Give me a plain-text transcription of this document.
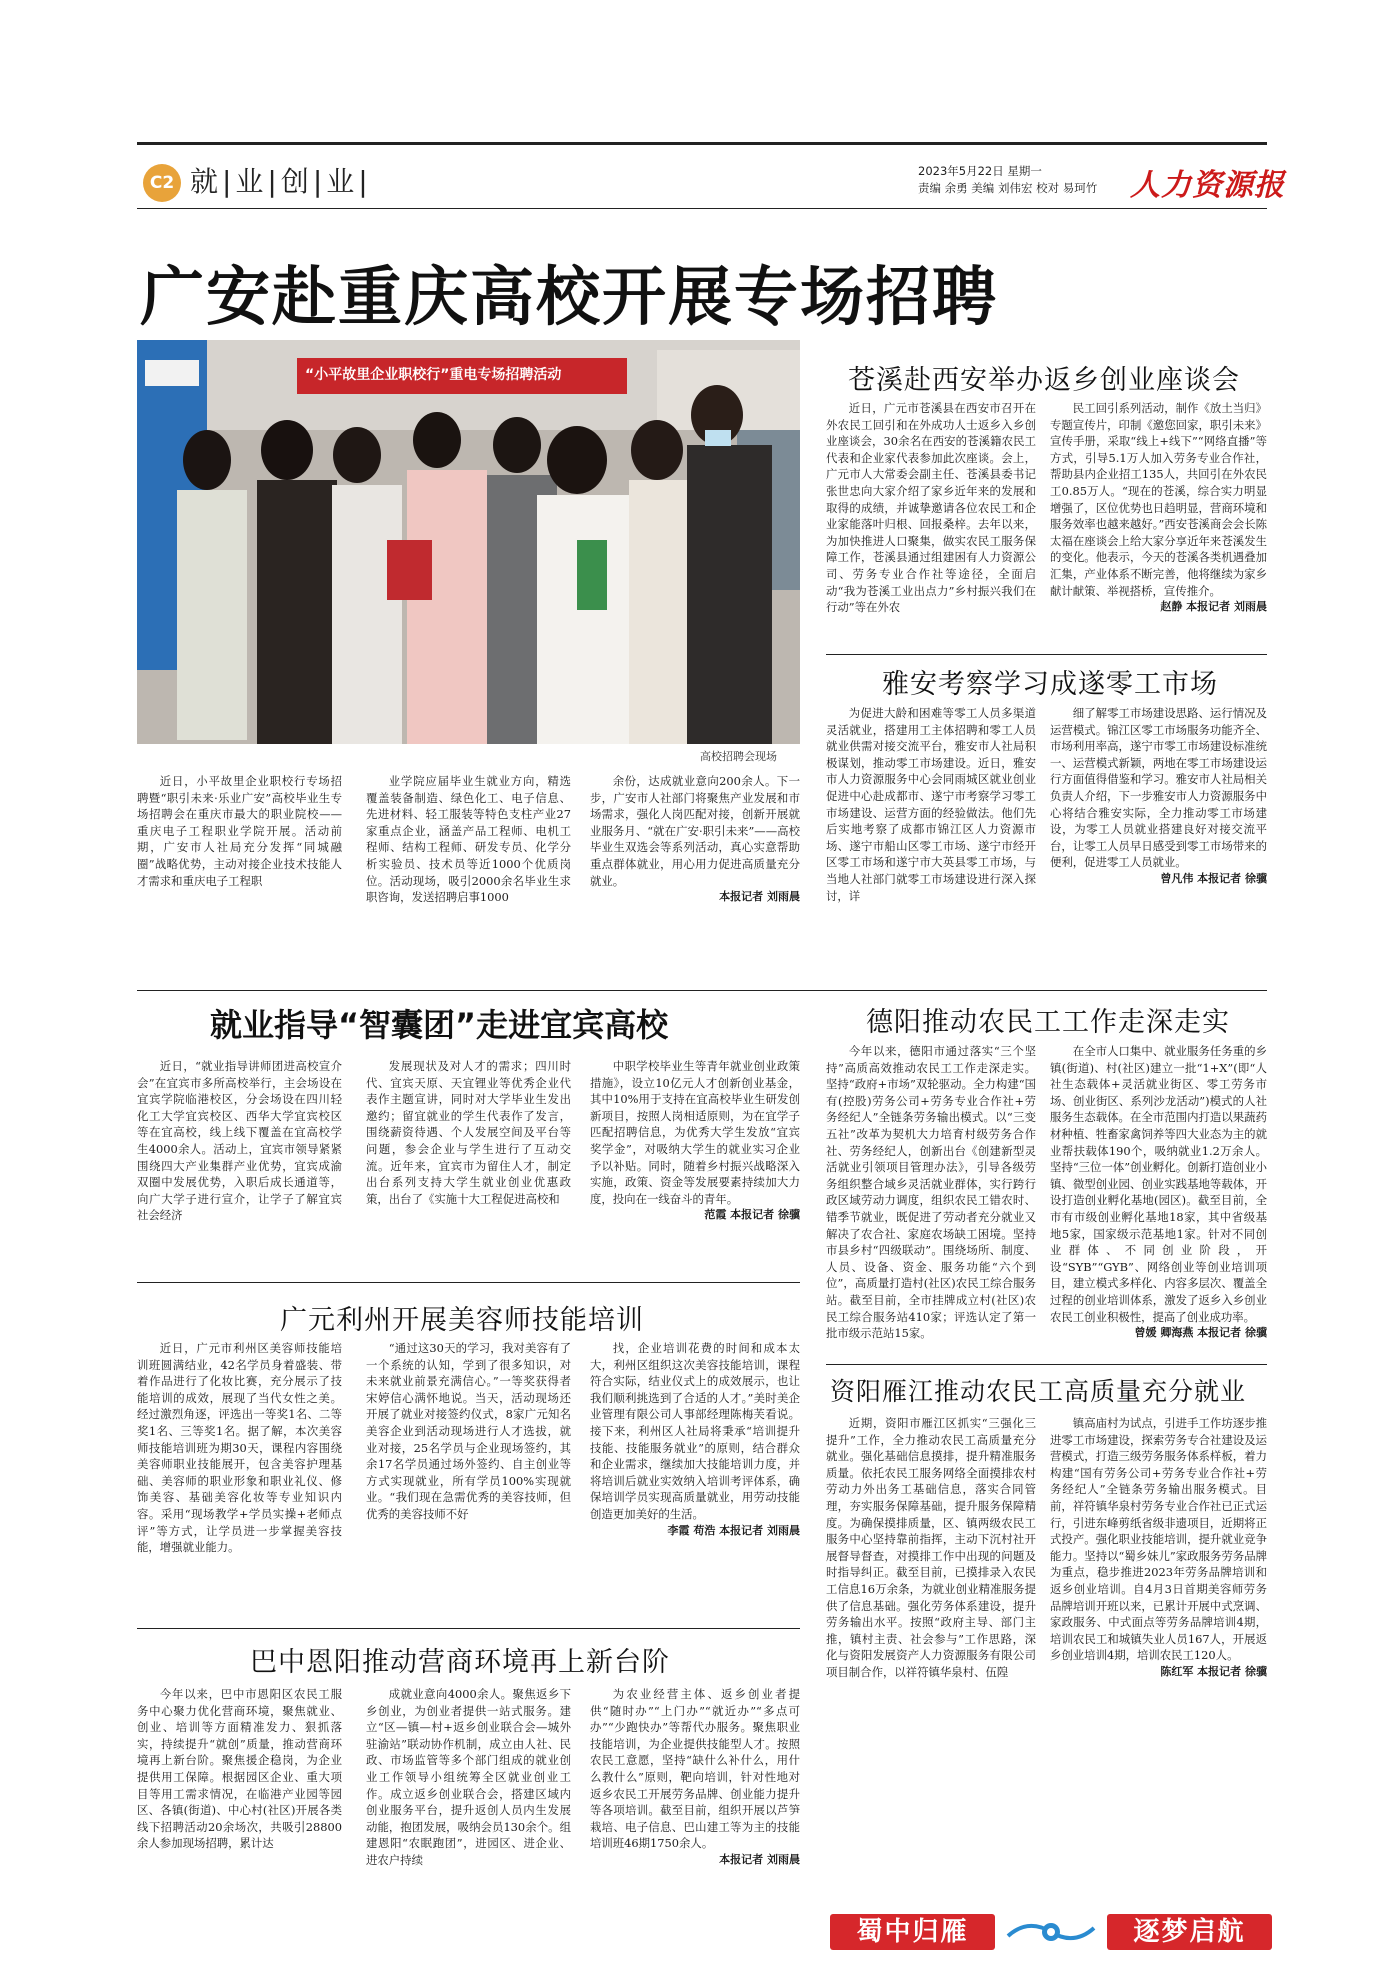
C2 就|业|创|业|	2023年5月22日 星期一
责编 余勇 美编 刘伟宏 校对 易珂竹 人力资源报
广安赴重庆高校开展专场招聘
“小平故里企业职校行”重电专场招聘活动
高校招聘会现场

近日，小平故里企业职校行专场招聘暨“职引未来·乐业广安”高校毕业生专场招聘会在重庆市最大的职业院校——重庆电子工程职业学院开展。活动前期，广安市人社局充分发挥“同城融圈”战略优势，主动对接企业技术技能人才需求和重庆电子工程职

业学院应届毕业生就业方向，精选覆盖装备制造、绿色化工、电子信息、先进材料、轻工服装等特色支柱产业27家重点企业，涵盖产品工程师、电机工程师、结构工程师、研发专员、化学分析实验员、技术员等近1000个优质岗位。活动现场，吸引2000余名毕业生求职咨询，发送招聘启事1000

余份，达成就业意向200余人。下一步，广安市人社部门将聚焦产业发展和市场需求，强化人岗匹配对接，创新开展就业服务月、“就在广安·职引未来”——高校毕业生双选会等系列活动，真心实意帮助重点群体就业，用心用力促进高质量充分就业。

本报记者 刘雨晨

苍溪赴西安举办返乡创业座谈会

近日，广元市苍溪县在西安市召开在外农民工回引和在外成功人士返乡入乡创业座谈会，30余名在西安的苍溪籍农民工代表和企业家代表参加此次座谈。会上，广元市人大常委会副主任、苍溪县委书记张世忠向大家介绍了家乡近年来的发展和取得的成绩，并诚挚邀请各位农民工和企业家能落叶归根、回报桑梓。去年以来，为加快推进人口聚集，做实农民工服务保障工作，苍溪县通过组建困有人力资源公司、劳务专业合作社等途径，全面启动“我为苍溪工业出点力”乡村振兴我们在行动”等在外农

民工回引系列活动，制作《放土当归》专题宣传片，印制《邀您回家，职引未来》宣传手册，采取“线上+线下”“网络直播”等方式，引导5.1万人加入劳务专业合作社，帮助县内企业招工135人，共回引在外农民工0.85万人。“现在的苍溪，综合实力明显增强了，区位优势也日趋明显，营商环境和服务效率也越来越好。”西安苍溪商会会长陈太福在座谈会上给大家分享近年来苍溪发生的变化。他表示，今天的苍溪各类机遇叠加汇集，产业体系不断完善，他将继续为家乡献计献策、举视搭桥，宣传推介。

赵静 本报记者 刘雨晨

雅安考察学习成遂零工市场

为促进大龄和困难等零工人员多渠道灵活就业，搭建用工主体招聘和零工人员就业供需对接交流平台，雅安市人社局积极谋划，推动零工市场建设。近日，雅安市人力资源服务中心会同雨城区就业创业促进中心赴成都市、遂宁市考察学习零工市场建设、运营方面的经验做法。他们先后实地考察了成都市锦江区人力资源市场、遂宁市船山区零工市场、遂宁市经开区零工市场和遂宁市大英县零工市场，与当地人社部门就零工市场建设进行深入探讨，详

细了解零工市场建设思路、运行情况及运营模式。锦江区零工市场服务功能齐全、市场利用率高，遂宁市零工市场建设标准统一、运营模式新颖，两地在零工市场建设运行方面值得借鉴和学习。雅安市人社局相关负责人介绍，下一步雅安市人力资源服务中心将结合雅安实际，全力推动零工市场建设，为零工人员就业搭建良好对接交流平台，让零工人员早日感受到零工市场带来的便利，促进零工人员就业。

曾凡伟 本报记者 徐骥

就业指导“智囊团”走进宜宾高校

近日，“就业指导讲师团进高校宣介会”在宜宾市多所高校举行，主会场设在宜宾学院临港校区，分会场设在四川轻化工大学宜宾校区、西华大学宜宾校区等在宜高校，线上线下覆盖在宜高校学生4000余人。活动上，宜宾市领导紧紧围绕四大产业集群产业优势，宜宾成渝双圈中发展优势，入职后成长通道等，向广大学子进行宣介，让学子了解宜宾社会经济

发展现状及对人才的需求；四川时代、宜宾天原、天宜锂业等优秀企业代表作主题宣讲，同时对大学毕业生发出邀约；留宜就业的学生代表作了发言，围绕薪资待遇、个人发展空间及平台等问题，参会企业与学生进行了互动交流。近年来，宜宾市为留住人才，制定出台系列支持大学生就业创业优惠政策，出台了《实施十大工程促进高校和

中职学校毕业生等青年就业创业政策措施》，设立10亿元人才创新创业基金，其中10%用于支持在宜高校毕业生研发创新项目，按照人岗相适原则，为在宜学子匹配招聘信息，为优秀大学生发放“宜宾奖学金”，对吸纳大学生的就业实习企业予以补贴。同时，随着乡村振兴战略深入实施，政策、资金等发展要素持续加大力度，投向在一线奋斗的青年。

范霞 本报记者 徐骥

广元利州开展美容师技能培训

近日，广元市利州区美容师技能培训班圆满结业，42名学员身着盛装、带着作品进行了化妆比赛，充分展示了技能培训的成效，展现了当代女性之美。经过激烈角逐，评选出一等奖1名、二等奖1名、三等奖1名。据了解，本次美容师技能培训班为期30天，课程内容围绕美容师职业技能展开，包含美容护理基础、美容师的职业形象和职业礼仪、修饰美容、基础美容化妆等专业知识内容。采用“现场教学+学员实操+老师点评”等方式，让学员进一步掌握美容技能，增强就业能力。

“通过这30天的学习，我对美容有了一个系统的认知，学到了很多知识，对未来就业前景充满信心。”一等奖获得者宋婷信心满怀地说。当天，活动现场还开展了就业对接签约仪式，8家广元知名美容企业到活动现场进行人才选拔，就业对接，25名学员与企业现场签约，其余17名学员通过场外签约、自主创业等方式实现就业，所有学员100%实现就业。“我们现在急需优秀的美容技师，但优秀的美容技师不好

找，企业培训花费的时间和成本太大，利州区组织这次美容技能培训，课程符合实际，结业仪式上的成效展示，也让我们顺利挑选到了合适的人才。”美时美企业管理有限公司人事部经理陈梅芙看说。接下来，利州区人社局将秉承“培训提升技能、技能服务就业”的原则，结合群众和企业需求，继续加大技能培训力度，并将培训后就业实效纳入培训考评体系，确保培训学员实现高质量就业，用劳动技能创造更加美好的生活。

李霞 苟浩 本报记者 刘雨晨

德阳推动农民工工作走深走实

今年以来，德阳市通过落实“三个坚持”高质高效推动农民工工作走深走实。坚持“政府+市场”双轮驱动。全力构建“国有(控股)劳务公司+劳务专业合作社+劳务经纪人”全链条劳务输出模式。以“三变五社”改革为契机大力培育村级劳务合作社、劳务经纪人，创新出台《创建新型灵活就业引领项目管理办法》，引导各级劳务组织整合域乡灵活就业群体，实行跨行政区域劳动力调度，组织农民工错农时、错季节就业，既促进了劳动者充分就业又解决了农合社、家庭农场缺工困境。坚持市县乡村“四级联动”。围绕场所、制度、人员、设备、资金、服务功能“六个到位”，高质量打造村(社区)农民工综合服务站。截至目前，全市挂牌成立村(社区)农民工综合服务站410家；评选认定了第一批市级示范站15家。

在全市人口集中、就业服务任务重的乡镇(街道)、村(社区)建立一批“1+X”(即“人社生态载体+灵活就业街区、零工劳务市场、创业街区、系列沙龙活动”)模式的人社服务生态载体。在全市范围内打造以果蔬药材种植、牲畜家禽饲养等四大业态为主的就业帮扶载体190个，吸纳就业1.2万余人。坚持“三位一体”创业孵化。创新打造创业小镇、微型创业园、创业实践基地等载体，开设打造创业孵化基地(园区)。截至目前，全市有市级创业孵化基地18家，其中省级基地5家，国家级示范基地1家。针对不同创业群体、不同创业阶段，开设“SYB”“GYB”、网络创业等创业培训项目，建立模式多样化、内容多层次、覆盖全过程的创业培训体系，激发了返乡入乡创业农民工创业积极性，提高了创业成功率。

曾媛 卿海燕 本报记者 徐骥

资阳雁江推动农民工高质量充分就业

近期，资阳市雁江区抓实“三强化三提升”工作，全力推动农民工高质量充分就业。强化基础信息摸排，提升精准服务质量。依托农民工服务网络全面摸排农村劳动力外出务工基础信息，落实合同管理，夯实服务保障基础，提升服务保障精度。为确保摸排质量，区、镇两级农民工服务中心坚持靠前指挥，主动下沉村社开展督导督查，对摸排工作中出现的问题及时指导纠正。截至目前，已摸排录入农民工信息16万余条，为就业创业精准服务提供了信息基础。强化劳务体系建设，提升劳务输出水平。按照“政府主导、部门主推，镇村主责、社会参与”工作思路，深化与资阳发展资产人力资源服务有限公司项目制合作，以祥符镇华泉村、伍隍

镇高庙村为试点，引进手工作坊逐步推进零工市场建设，探索劳务专合社建设及运营模式，打造三级劳务服务体系样板，着力构建“国有劳务公司+劳务专业合作社+劳务经纪人”全链条劳务输出服务模式。目前，祥符镇华泉村劳务专业合作社已正式运行，引进东峰剪纸省级非遗项目，近期将正式投产。强化职业技能培训，提升就业竞争能力。坚持以“蜀乡妹儿”家政服务劳务品牌为重点，稳步推进2023年劳务品牌培训和返乡创业培训。自4月3日首期美容师劳务品牌培训开班以来，已累计开展中式烹调、家政服务、中式面点等劳务品牌培训4期，培训农民工和城镇失业人员167人，开展返乡创业培训4期，培训农民工120人。

陈红军 本报记者 徐骥

巴中恩阳推动营商环境再上新台阶

今年以来，巴中市恩阳区农民工服务中心聚力优化营商环境，聚焦就业、创业、培训等方面精准发力、狠抓落实，持续提升“就创”质量，推动营商环境再上新台阶。聚焦援企稳岗，为企业提供用工保障。根据园区企业、重大项目等用工需求情况，在临港产业园等园区、各镇(街道)、中心村(社区)开展各类线下招聘活动20余场次，共吸引28800余人参加现场招聘，累计达

成就业意向4000余人。聚焦返乡下乡创业，为创业者提供一站式服务。建立“区—镇—村+返乡创业联合会—城外驻渝站”联动协作机制，成立由人社、民政、市场监管等多个部门组成的就业创业工作领导小组统筹全区就业创业工作。成立返乡创业联合会，搭建区域内创业服务平台，提升返创人员内生发展动能，抱团发展，吸纳会员130余个。组建恩阳“农眠跑团”，进园区、进企业、进农户持续

为农业经营主体、返乡创业者提供“随时办”“上门办”“就近办”“多点可办”“少跑快办”等帮代办服务。聚焦职业技能培训，为企业提供技能型人才。按照农民工意愿，坚持“缺什么补什么，用什么教什么”原则，靶向培训，针对性地对返乡农民工开展劳务品牌、创业能力提升等各项培训。截至目前，组织开展以芦笋栽培、电子信息、巴山建工等为主的技能培训班46期1750余人。

本报记者 刘雨晨

蜀中归雁	逐梦启航
